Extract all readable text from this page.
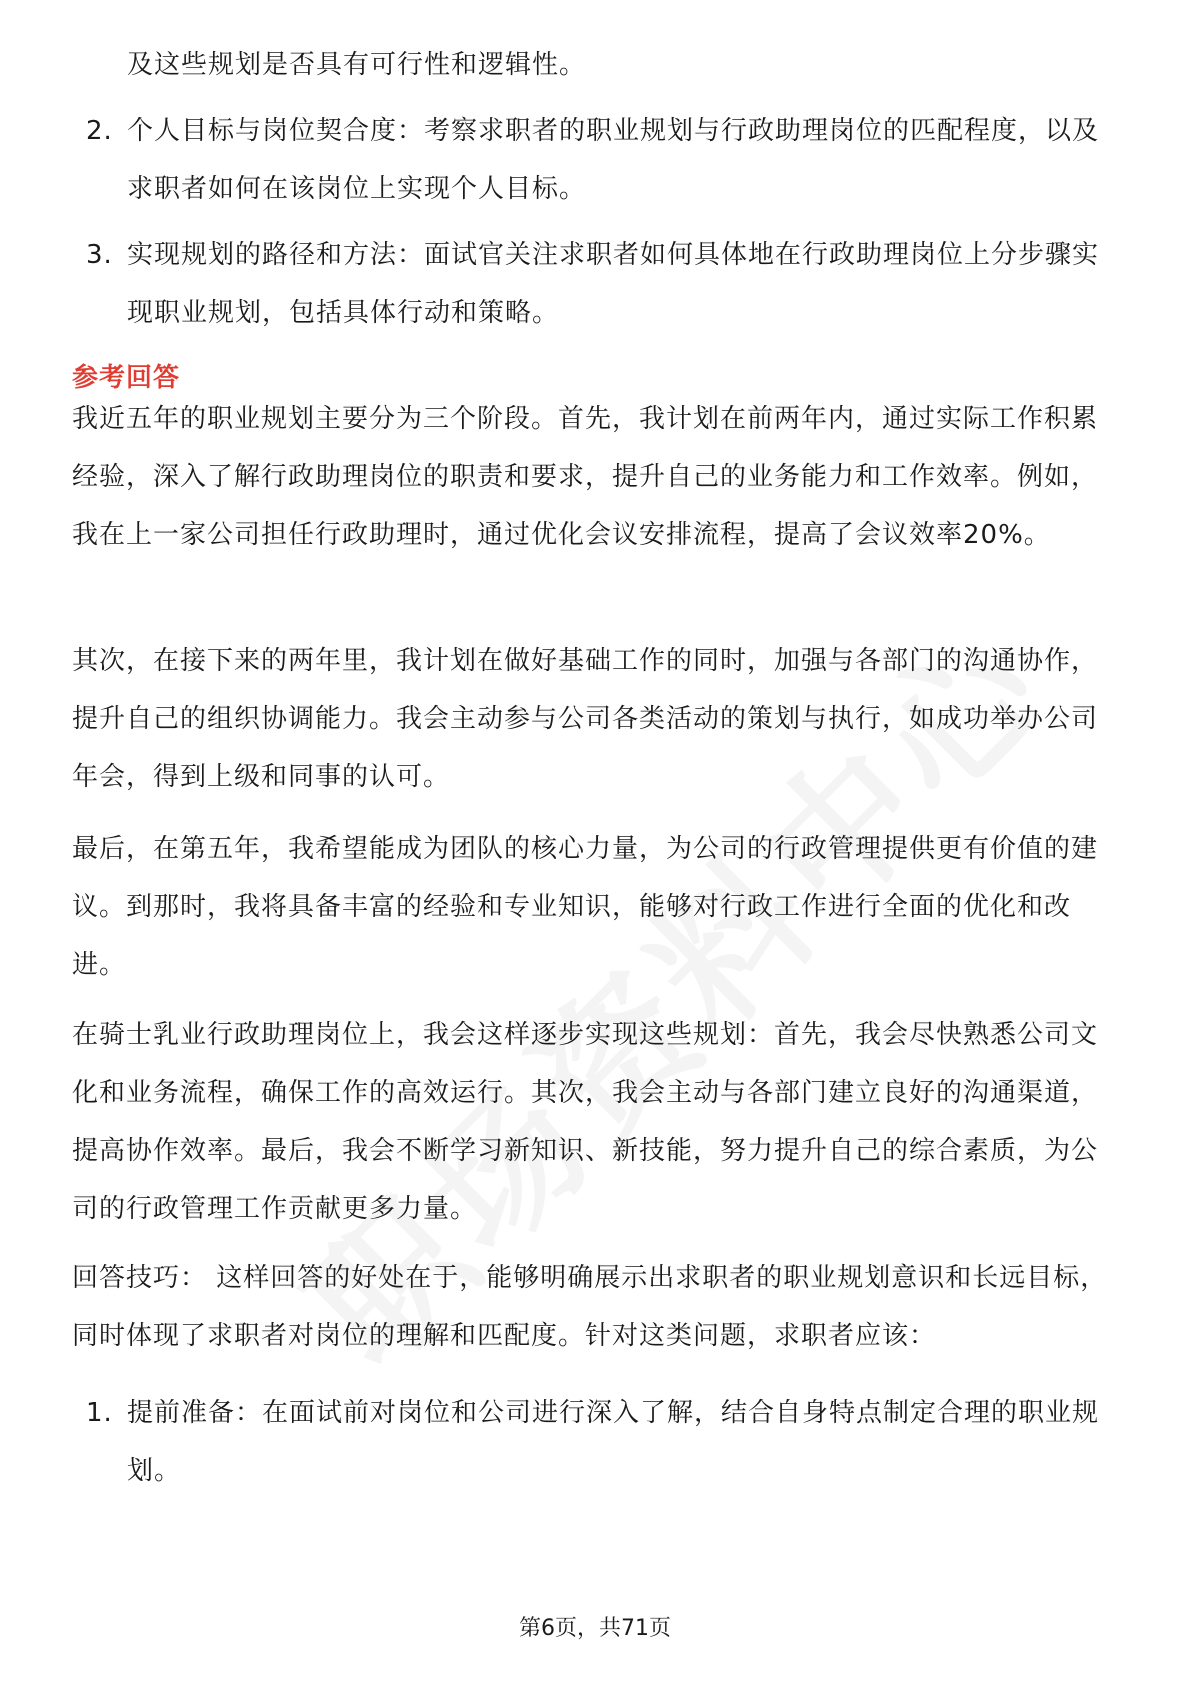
及这些规划是否具有可行性和逻辑性。
2. 个人目标与岗位契合度：考察求职者的职业规划与行政助理岗位的匹配程度，以及求职者如何在该岗位上实现个人目标。
3. 实现规划的路径和方法：面试官关注求职者如何具体地在行政助理岗位上分步骤实现职业规划，包括具体行动和策略。
参考回答
我近五年的职业规划主要分为三个阶段。首先，我计划在前两年内，通过实际工作积累经验，深入了解行政助理岗位的职责和要求，提升自己的业务能力和工作效率。例如，我在上一家公司担任行政助理时，通过优化会议安排流程，提高了会议效率20%。
其次，在接下来的两年里，我计划在做好基础工作的同时，加强与各部门的沟通协作，提升自己的组织协调能力。我会主动参与公司各类活动的策划与执行，如成功举办公司年会，得到上级和同事的认可。
最后，在第五年，我希望能成为团队的核心力量，为公司的行政管理提供更有价值的建议。到那时，我将具备丰富的经验和专业知识，能够对行政工作进行全面的优化和改进。
在骑士乳业行政助理岗位上，我会这样逐步实现这些规划：首先，我会尽快熟悉公司文化和业务流程，确保工作的高效运行。其次，我会主动与各部门建立良好的沟通渠道，提高协作效率。最后，我会不断学习新知识、新技能，努力提升自己的综合素质，为公司的行政管理工作贡献更多力量。
回答技巧： 这样回答的好处在于，能够明确展示出求职者的职业规划意识和长远目标，同时体现了求职者对岗位的理解和匹配度。针对这类问题，求职者应该：
1. 提前准备：在面试前对岗位和公司进行深入了解，结合自身特点制定合理的职业规划。
第6页，共71页
